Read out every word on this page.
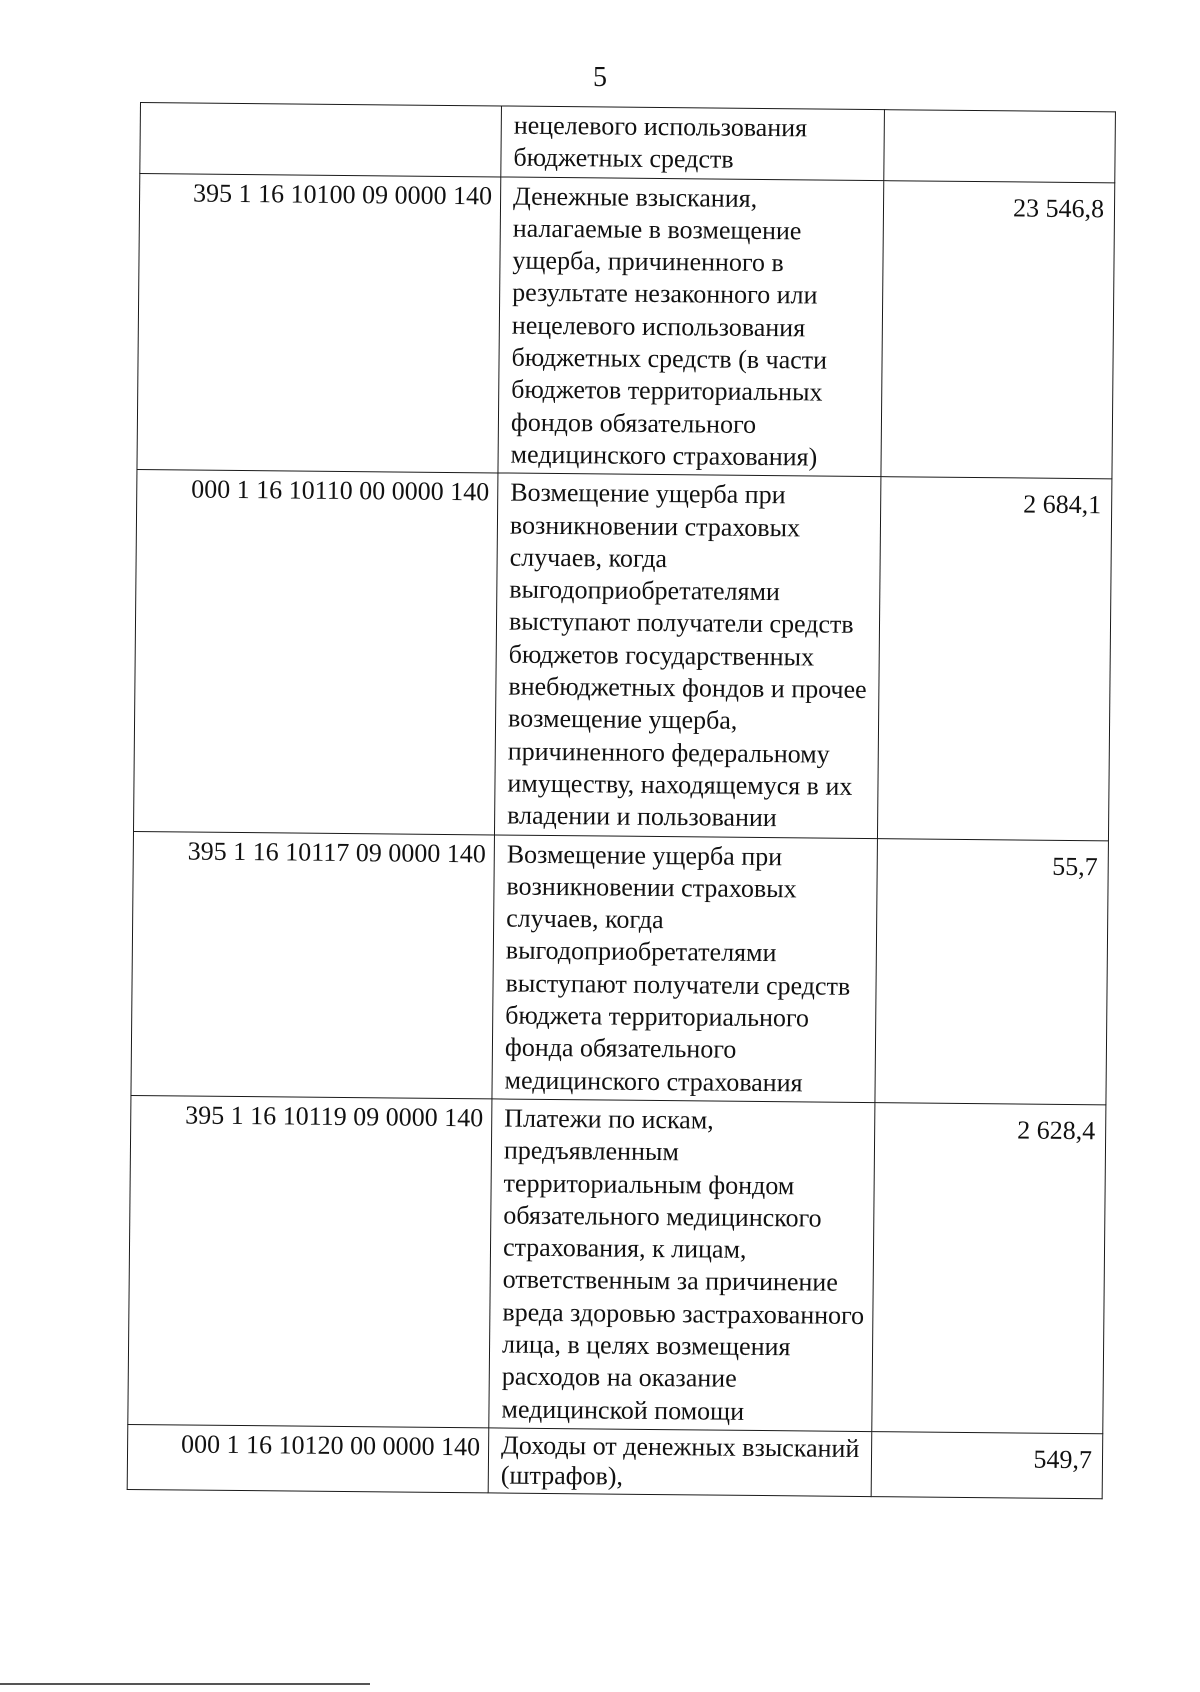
5
	нецелевого использования бюджетных средств	
395 1 16 10100 09 0000 140	Денежные взыскания, налагаемые в возмещение ущерба, причиненного в результате незаконного или нецелевого использования бюджетных средств (в части бюджетов территориальных фондов обязательного медицинского страхования)	23 546,8
000 1 16 10110 00 0000 140	Возмещение ущерба при возникновении страховых случаев, когда выгодоприобретателями выступают получатели средств бюджетов государственных внебюджетных фондов и прочее возмещение ущерба, причиненного федеральному имуществу, находящемуся в их владении и пользовании	2 684,1
395 1 16 10117 09 0000 140	Возмещение ущерба при возникновении страховых случаев, когда выгодоприобретателями выступают получатели средств бюджета территориального фонда обязательного медицинского страхования	55,7
395 1 16 10119 09 0000 140	Платежи по искам, предъявленным территориальным фондом обязательного медицинского страхования, к лицам, ответственным за причинение вреда здоровью застрахованного лица, в целях возмещения расходов на оказание медицинской помощи	2 628,4
000 1 16 10120 00 0000 140	Доходы от денежных взысканий (штрафов),	549,7
